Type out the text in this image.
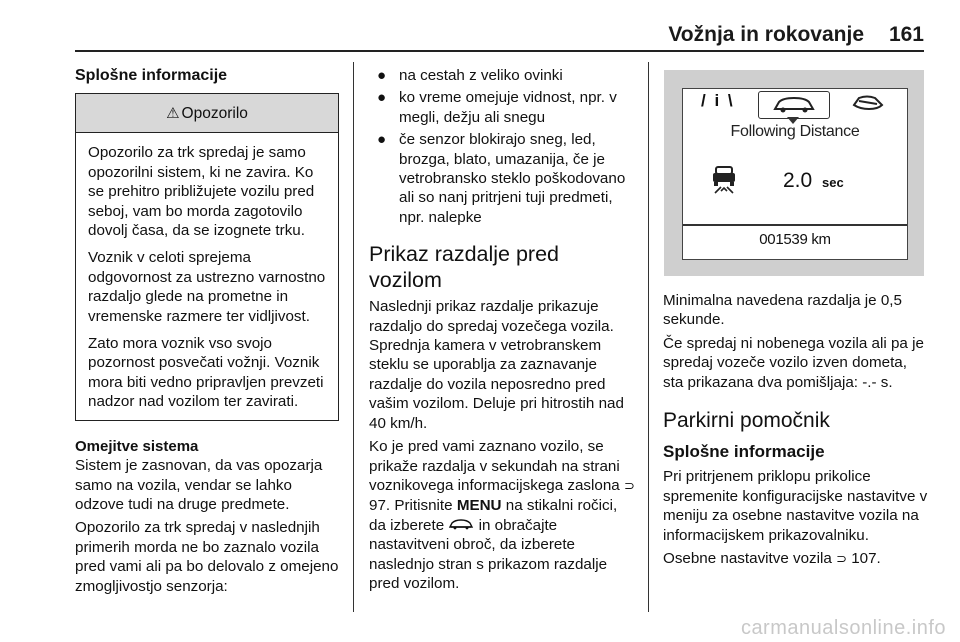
Vožnja in rokovanje 161
Splošne informacije
⚠ Opozorilo

Opozorilo za trk spredaj je samo opozorilni sistem, ki ne zavira. Ko se prehitro približujete vozilu pred seboj, vam bo morda zagotovilo dovolj časa, da se izognete trku.

Voznik v celoti sprejema odgovornost za ustrezno varnostno razdaljo glede na prometne in vremenske razmere ter vidljivost.

Zato mora voznik vso svojo pozornost posvečati vožnji. Voznik mora biti vedno pripravljen prevzeti nadzor nad vozilom ter zavirati.

Omejitve sistema

Sistem je zasnovan, da vas opozarja samo na vozila, vendar se lahko odzove tudi na druge predmete.

Opozorilo za trk spredaj v naslednjih primerih morda ne bo zaznalo vozila pred vami ali pa bo delovalo z omejeno zmogljivostjo senzorja:

● na cestah z veliko ovinki
● ko vreme omejuje vidnost, npr. v megli, dežju ali snegu
● če senzor blokirajo sneg, led, brozga, blato, umazanija, če je vetrobransko steklo poškodovano ali so nanj pritrjeni tuji predmeti, npr. nalepke
Prikaz razdalje pred vozilom

Naslednji prikaz razdalje prikazuje razdaljo do spredaj vozečega vozila. Sprednja kamera v vetrobranskem steklu se uporablja za zaznavanje razdalje do vozila neposredno pred vašim vozilom. Deluje pri hitrostih nad 40 km/h.

Ko je pred vami zaznano vozilo, se prikaže razdalja v sekundah na strani voznikovega informacijskega zaslona ⊃ 97. Pritisnite MENU na stikalni ročici, da izberete  in obračajte nastavitveni obroč, da izberete naslednjo stran s prikazom razdalje pred vozilom.

/ i \
Following Distance
2.0 sec
001539 km

Minimalna navedena razdalja je 0,5 sekunde.

Če spredaj ni nobenega vozila ali pa je spredaj vozeče vozilo izven dometa, sta prikazana dva pomišljaja: -.- s.

Parkirni pomočnik
Splošne informacije

Pri pritrjenem priklopu prikolice spremenite konfiguracijske nastavitve v meniju za osebne nastavitve vozila na informacijskem prikazovalniku.

Osebne nastavitve vozila ⊃ 107.

carmanualsonline.info
